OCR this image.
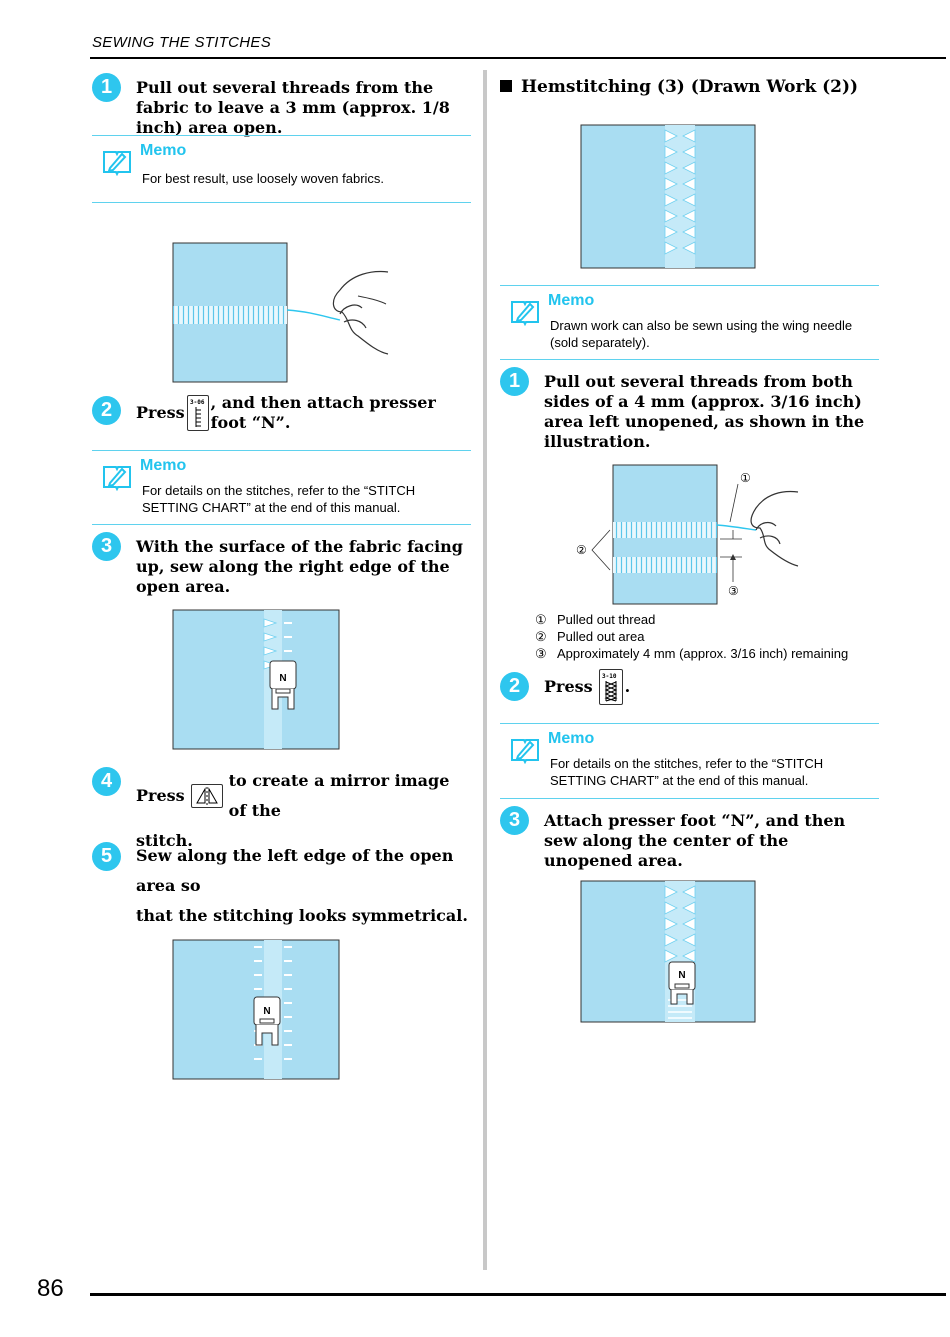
SEWING THE STITCHES
1	Pull out several threads from the fabric to leave a 3 mm (approx. 1/8 inch) area open.
Memo
For best result, use loosely woven fabrics.
2	Press
3-06 , and then attach presser foot “N”.
Memo
For details on the stitches, refer to the “STITCH
SETTING CHART” at the end of this manual.
3	With the surface of the fabric facing up, sew along the right edge of the open area.
N
4
Press
to create a mirror image of the
stitch.
5	Sew along the left edge of the open area so
that the stitching looks symmetrical.
N
Hemstitching (3) (Drawn Work (2))
Memo
Drawn work can also be sewn using the wing needle
(sold separately).
1	Pull out several threads from both sides of a 4 mm (approx. 3/16 inch) area left unopened, as shown in the illustration.
①
②
③
① Pulled out thread
② Pulled out area
③ Approximately 4 mm (approx. 3/16 inch) remaining
2	Press
3-10
.
Memo
For details on the stitches, refer to the “STITCH
SETTING CHART” at the end of this manual.
3	Attach presser foot “N”, and then sew along the center of the unopened area.
N
86
